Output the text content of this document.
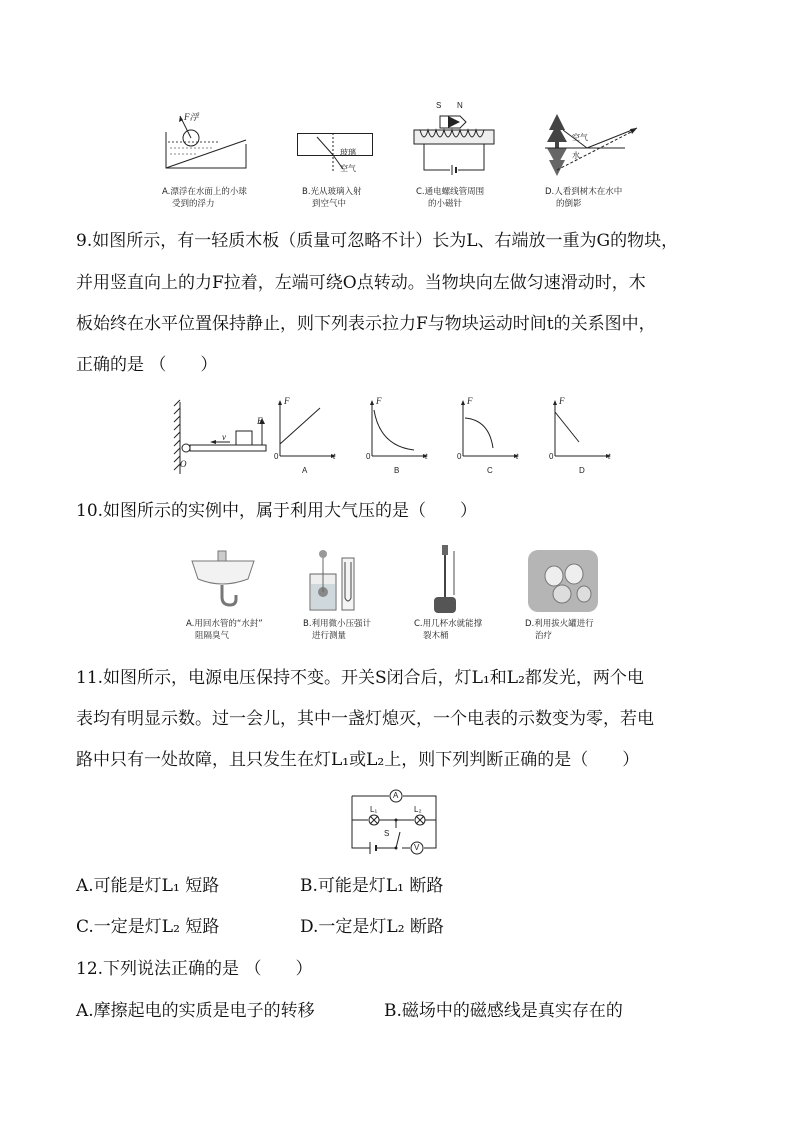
F浮
A.漂浮在水面上的小球
受到的浮力
玻璃
空气
B.光从玻璃入射
到空气中
S N
C.通电螺线管周围
的小磁针
空气
水
D.人看到树木在水中
的倒影
9.如图所示，有一轻质木板（质量可忽略不计）长为L、右端放一重为G的物块，
并用竖直向上的力F拉着，左端可绕O点转动。当物块向左做匀速滑动时，木
板始终在水平位置保持静止，则下列表示拉力F与物块运动时间t的关系图中，
正确的是 （　　）
O
v
F
F
t
0
A
F
t
0
B
F
t
0
C
F
t
0
D
10.如图所示的实例中，属于利用大气压的是（　　）
A.用回水管的“水封”
阻隔臭气
B.利用微小压强计
进行测量
C.用几杯水就能撑
裂木桶
D.利用拔火罐进行
治疗
11.如图所示，电源电压保持不变。开关S闭合后，灯L₁和L₂都发光，两个电
表均有明显示数。过一会儿，其中一盏灯熄灭，一个电表的示数变为零，若电
路中只有一处故障，且只发生在灯L₁或L₂上，则下列判断正确的是（　　）
A
V
L₁	L₂
S
A.可能是灯L₁ 短路	B.可能是灯L₁ 断路
C.一定是灯L₂ 短路	D.一定是灯L₂ 断路
12.下列说法正确的是 （　　）
A.摩擦起电的实质是电子的转移	B.磁场中的磁感线是真实存在的
